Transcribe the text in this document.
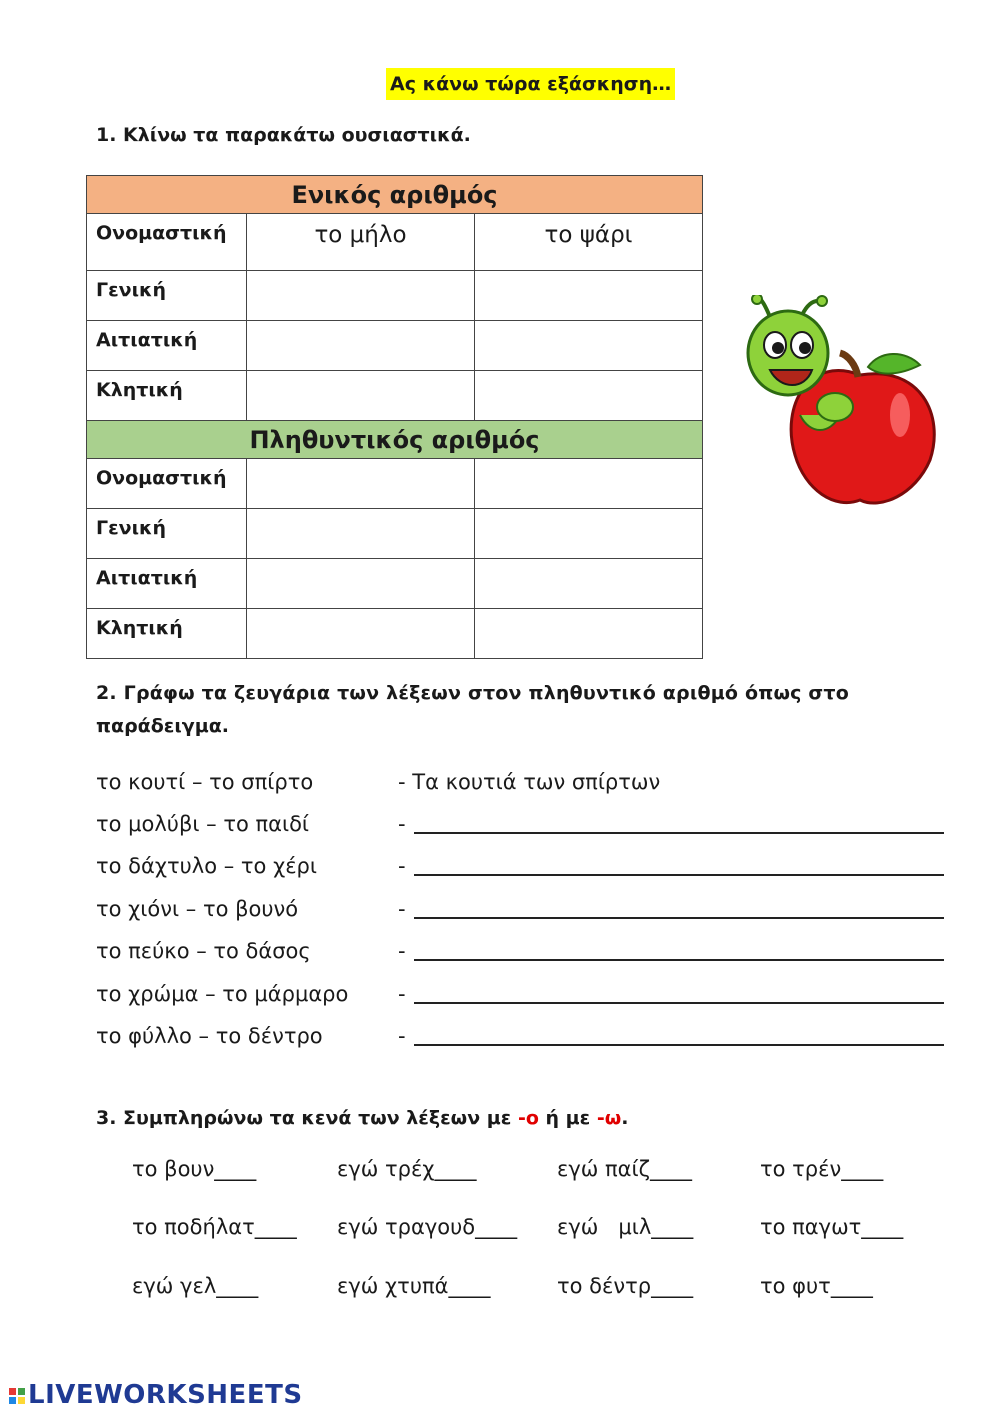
Ας κάνω τώρα εξάσκηση…
1. Κλίνω τα παρακάτω ουσιαστικά.
Ενικός αριθμός		
Ονομαστική	το μήλο	το ψάρι
Γενική		
Αιτιατική		
Κλητική		
Πληθυντικός αριθμός		
Ονομαστική		
Γενική		
Αιτιατική		
Κλητική		
2. Γράφω τα ζευγάρια των λέξεων στον πληθυντικό αριθμό όπως στο
παράδειγμα.
το κουτί – το σπίρτο	- Τα κουτιά των σπίρτων
το μολύβι – το παιδί	-
το δάχτυλο – το χέρι	-
το χιόνι – το βουνό	-
το πεύκο – το δάσος	-
το χρώμα – το μάρμαρο -
το φύλλο – το δέντρο	-
3. Συμπληρώνω τα κενά των λέξεων με -ο ή με -ω.
το βουν____	εγώ τρέχ____	εγώ παίζ____	το τρέν____
το ποδήλατ____ εγώ τραγουδ____ εγώ   μιλ____	το παγωτ____
εγώ γελ____	εγώ χτυπά____	το δέντρ____	το φυτ____

LIVEWORKSHEETS
